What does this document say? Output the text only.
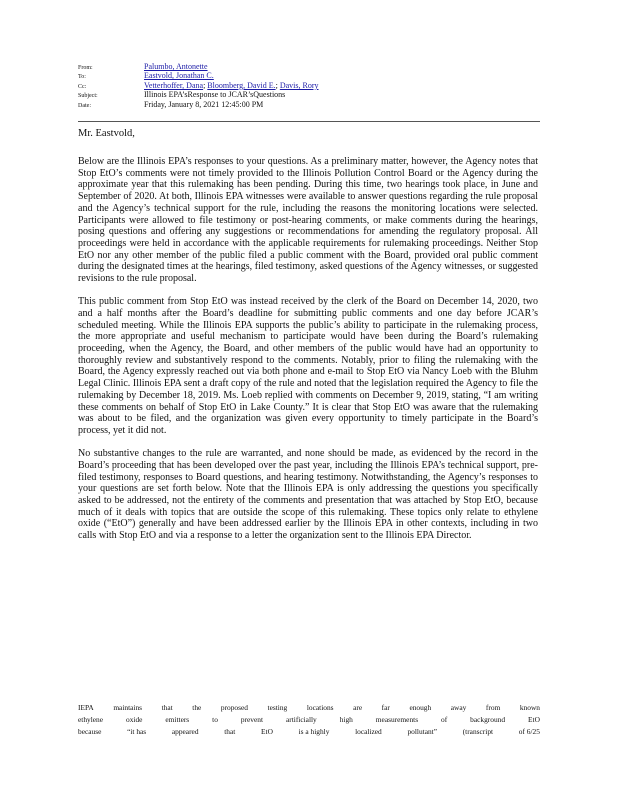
From:	Palumbo, Antonette
To:	Eastvold, Jonathan C.
Cc:	Vetterhoffer, Dana; Bloomberg, David E.; Davis, Rory
Subject:	Illinois EPA’sResponse to JCAR’sQuestions
Date:	Friday, January 8, 2021 12:45:00 PM
Mr. Eastvold,

Below are the Illinois EPA’s responses to your questions. As a preliminary matter, however, the Agency notes that Stop EtO’s comments were not timely provided to the Illinois Pollution Control Board or the Agency during the approximate year that this rulemaking has been pending. During this time, two hearings took place, in June and September of 2020. At both, Illinois EPA witnesses were available to answer questions regarding the rule proposal and the Agency’s technical support for the rule, including the reasons the monitoring locations were selected. Participants were allowed to file testimony or post-hearing comments, or make comments during the hearings, posing questions and offering any suggestions or recommendations for amending the regulatory proposal. All proceedings were held in accordance with the applicable requirements for rulemaking proceedings. Neither Stop EtO nor any other member of the public filed a public comment with the Board, provided oral public comment during the designated times at the hearings, filed testimony, asked questions of the Agency witnesses, or suggested revisions to the rule proposal.

This public comment from Stop EtO was instead received by the clerk of the Board on December 14, 2020, two and a half months after the Board’s deadline for submitting public comments and one day before JCAR’s scheduled meeting. While the Illinois EPA supports the public’s ability to participate in the rulemaking process, the more appropriate and useful mechanism to participate would have been during the Board’s rulemaking proceeding, when the Agency, the Board, and other members of the public would have had an opportunity to thoroughly review and substantively respond to the comments. Notably, prior to filing the rulemaking with the Board, the Agency expressly reached out via both phone and e-mail to Stop EtO via Nancy Loeb with the Bluhm Legal Clinic. Illinois EPA sent a draft copy of the rule and noted that the legislation required the Agency to file the rulemaking by December 18, 2019. Ms. Loeb replied with comments on December 9, 2019, stating, “I am writing these comments on behalf of Stop EtO in Lake County.” It is clear that Stop EtO was aware that the rulemaking was about to be filed, and the organization was given every opportunity to timely participate in the Board’s process, yet it did not.

No substantive changes to the rule are warranted, and none should be made, as evidenced by the record in the Board’s proceeding that has been developed over the past year, including the Illinois EPA’s technical support, pre-filed testimony, responses to Board questions, and hearing testimony. Notwithstanding, the Agency’s responses to your questions are set forth below. Note that the Illinois EPA is only addressing the questions you specifically asked to be addressed, not the entirety of the comments and presentation that was attached by Stop EtO, because much of it deals with topics that are outside the scope of this rulemaking. These topics only relate to ethylene oxide (“EtO”) generally and have been addressed earlier by the Illinois EPA in other contexts, including in two calls with Stop EtO and via a response to a letter the organization sent to the Illinois EPA Director.

IEPA	maintains	that	the	proposed	testing	locations	are	far	enough	away	from	known
ethylene	oxide	emitters	to	prevent	artificially	high	measurements	of	background	EtO
because	“it has	appeared	that	EtO	is a highly	localized	pollutant”	(transcript	of 6/25
